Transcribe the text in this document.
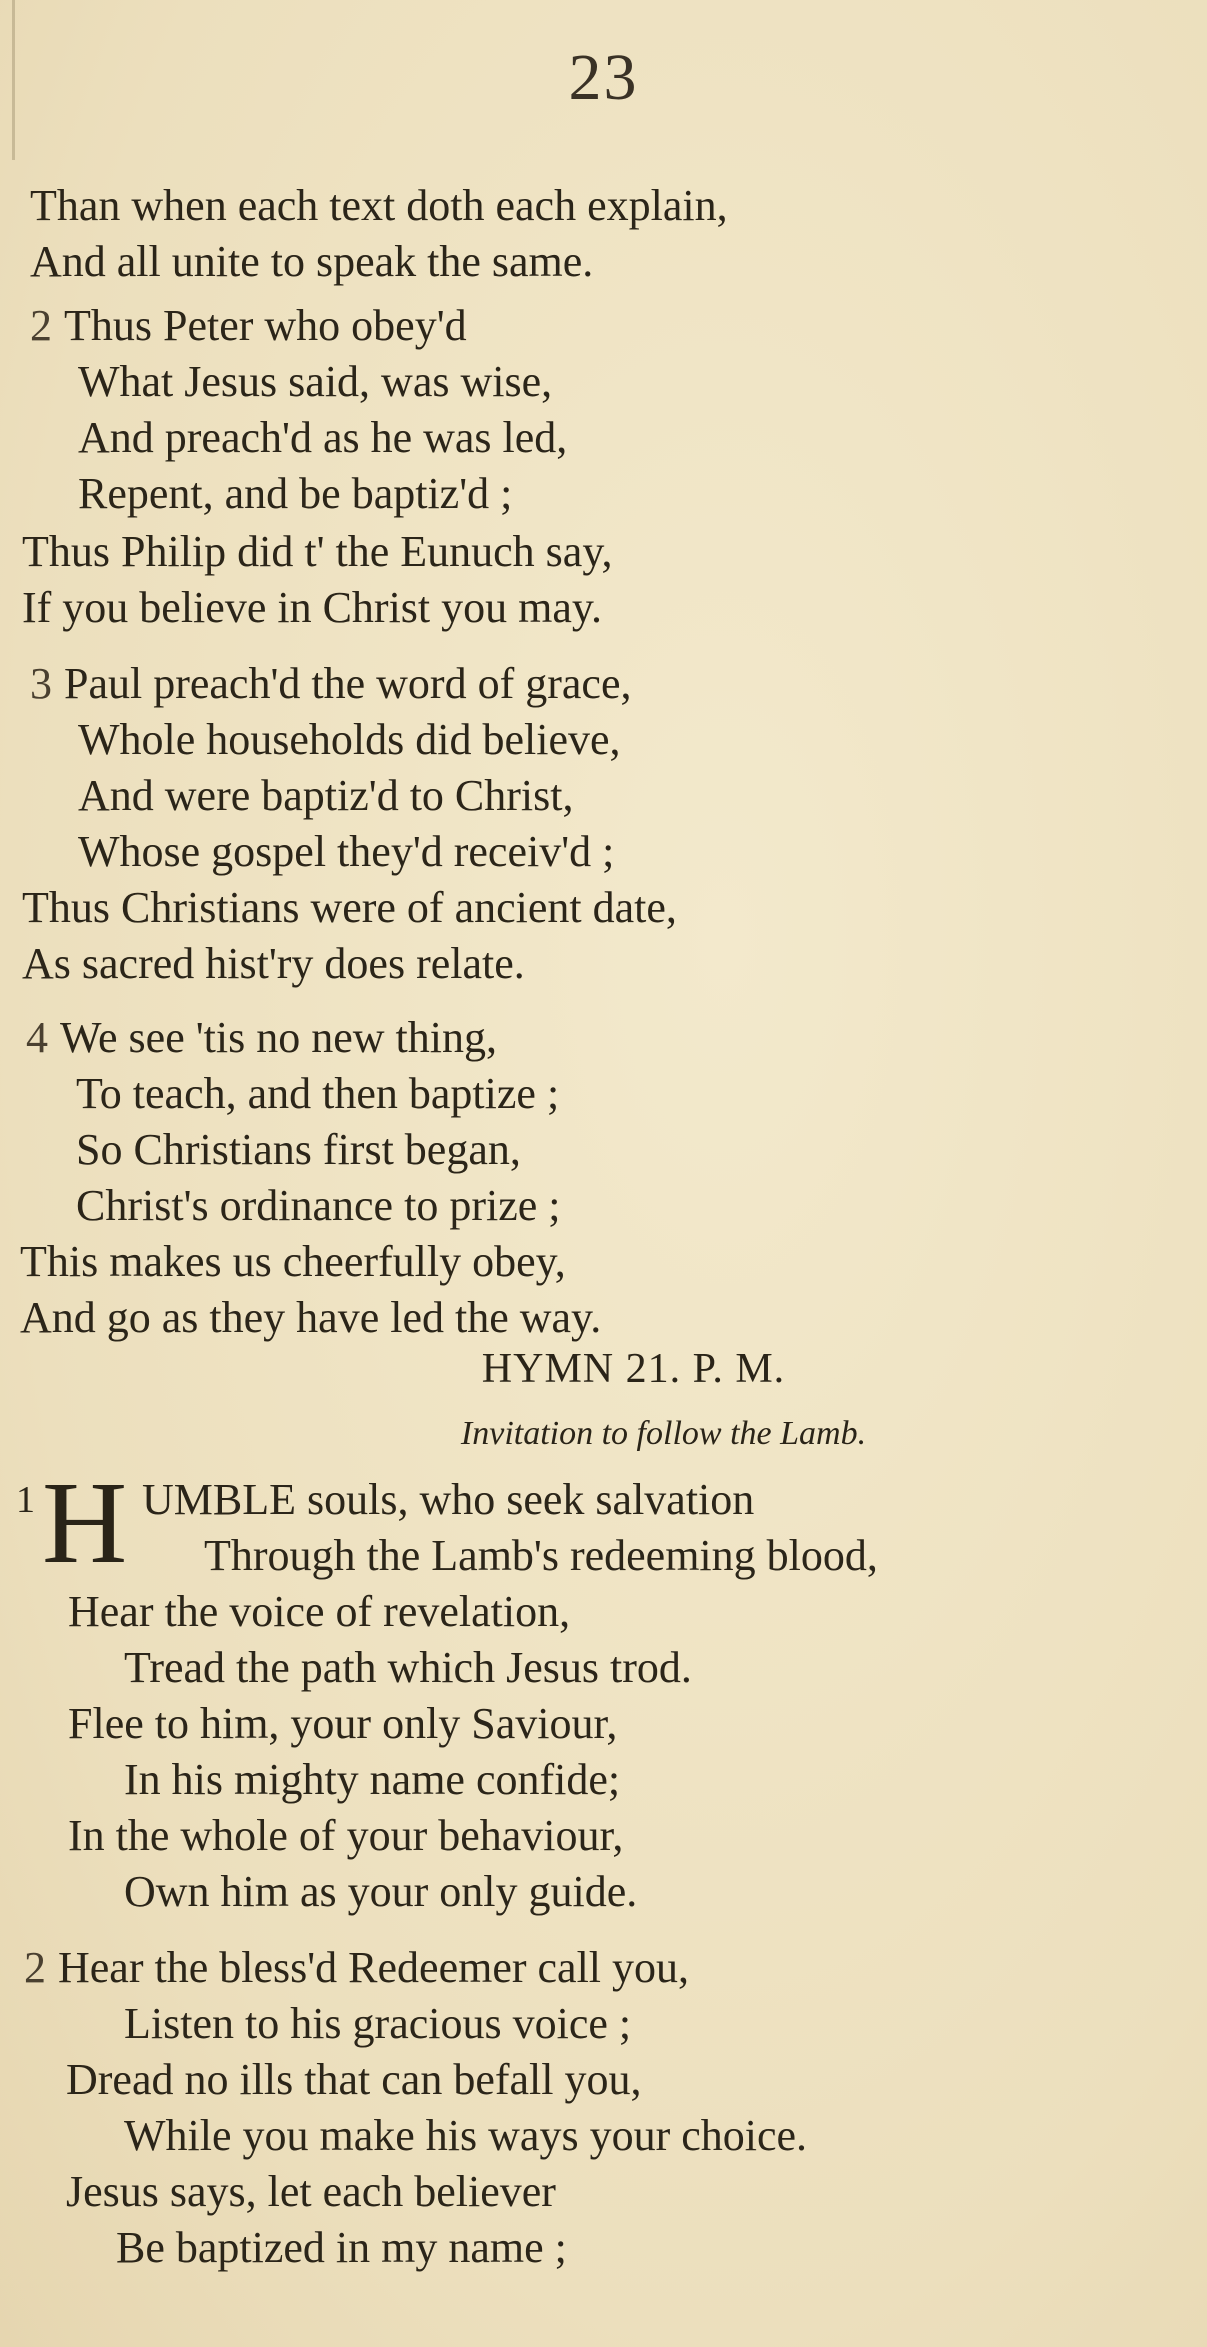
23
Than when each text doth each explain,
And all unite to speak the same.
2 Thus Peter who obey'd
What Jesus said, was wise,
And preach'd as he was led,
Repent, and be baptiz'd ;
Thus Philip did t' the Eunuch say,
If you believe in Christ you may.
3 Paul preach'd the word of grace,
Whole households did believe,
And were baptiz'd to Christ,
Whose gospel they'd receiv'd ;
Thus Christians were of ancient date,
As sacred hist'ry does relate.
4 We see 'tis no new thing,
To teach, and then baptize ;
So Christians first began,
Christ's ordinance to prize ;
This makes us cheerfully obey,
And go as they have led the way.
HYMN 21. P. M.
Invitation to follow the Lamb.
1 H UMBLE souls, who seek salvation
Through the Lamb's redeeming blood,
Hear the voice of revelation,
Tread the path which Jesus trod.
Flee to him, your only Saviour,
In his mighty name confide;
In the whole of your behaviour,
Own him as your only guide.
2 Hear the bless'd Redeemer call you,
Listen to his gracious voice ;
Dread no ills that can befall you,
While you make his ways your choice.
Jesus says, let each believer
Be baptized in my name ;
